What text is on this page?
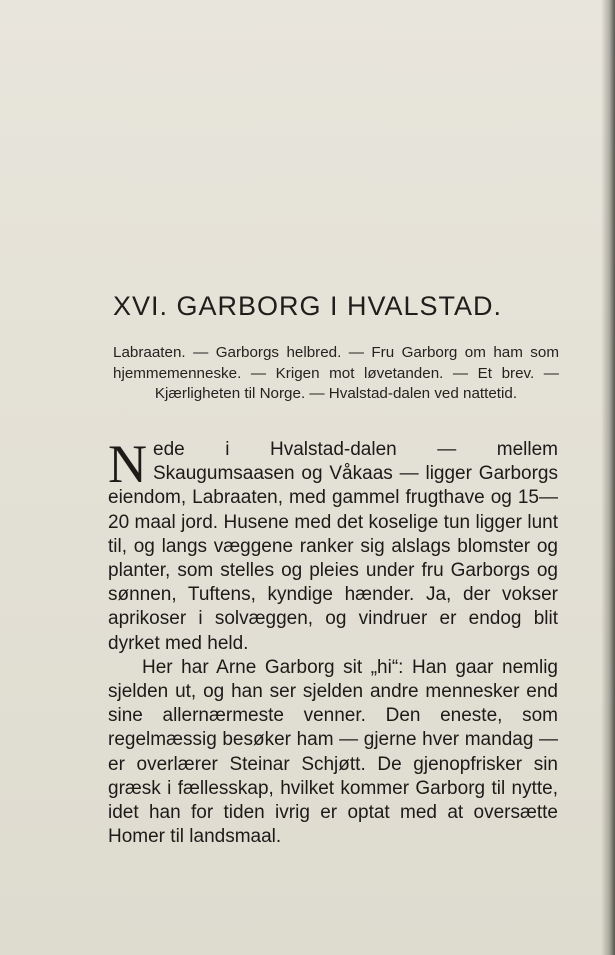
XVI. GARBORG I HVALSTAD.
Labraaten. — Garborgs helbred. — Fru Garborg om ham som hjemmemenneske. — Krigen mot løvetanden. — Et brev. — Kjærligheten til Norge. — Hvalstad-dalen ved nattetid.

Nede i Hvalstad-dalen — mellem Skaugumsaasen og Våkaas — ligger Garborgs eiendom, Labraaten, med gammel frugthave og 15—20 maal jord. Husene med det koselige tun ligger lunt til, og langs væggene ranker sig alslags blomster og planter, som stelles og pleies under fru Garborgs og sønnen, Tuftens, kyndige hænder. Ja, der vokser aprikoser i solvæggen, og vindruer er endog blit dyrket med held.

Her har Arne Garborg sit „hi“: Han gaar nemlig sjelden ut, og han ser sjelden andre mennesker end sine allernærmeste venner. Den eneste, som regelmæssig besøker ham — gjerne hver mandag — er overlærer Steinar Schjøtt. De gjenopfrisker sin græsk i fællesskap, hvilket kommer Garborg til nytte, idet han for tiden ivrig er optat med at oversætte Homer til landsmaal.
